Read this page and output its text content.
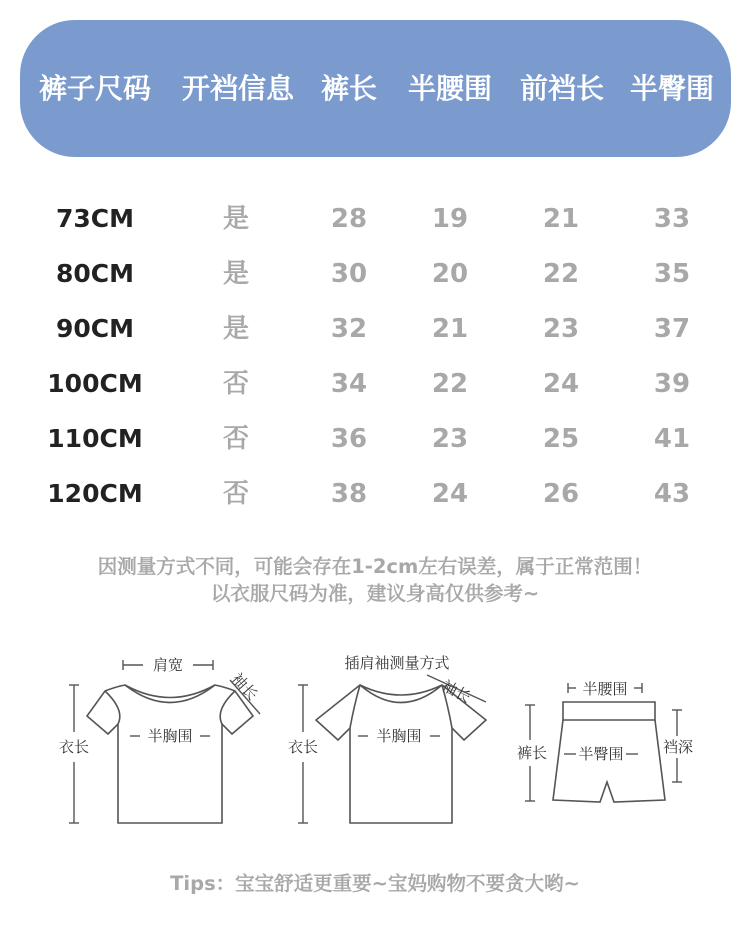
裤子尺码	开裆信息 裤长	半腰围 前裆长 半臀围
73CM	是	28	19	21	33
80CM	是	30	20	22	35
90CM	是	32	21	23	37
100CM	否	34	22	24	39
110CM	否	36	23	25	41
120CM	否	38	24	26	43
因测量方式不同，可能会存在1-2cm左右误差，属于正常范围！
以衣服尺码为准，建议身高仅供参考~
肩宽
袖长
半胸围
衣长
插肩袖测量方式
袖长
半胸围
衣长
半腰围
裤长 半臀围	裆深
Tips：宝宝舒适更重要~宝妈购物不要贪大哟~
